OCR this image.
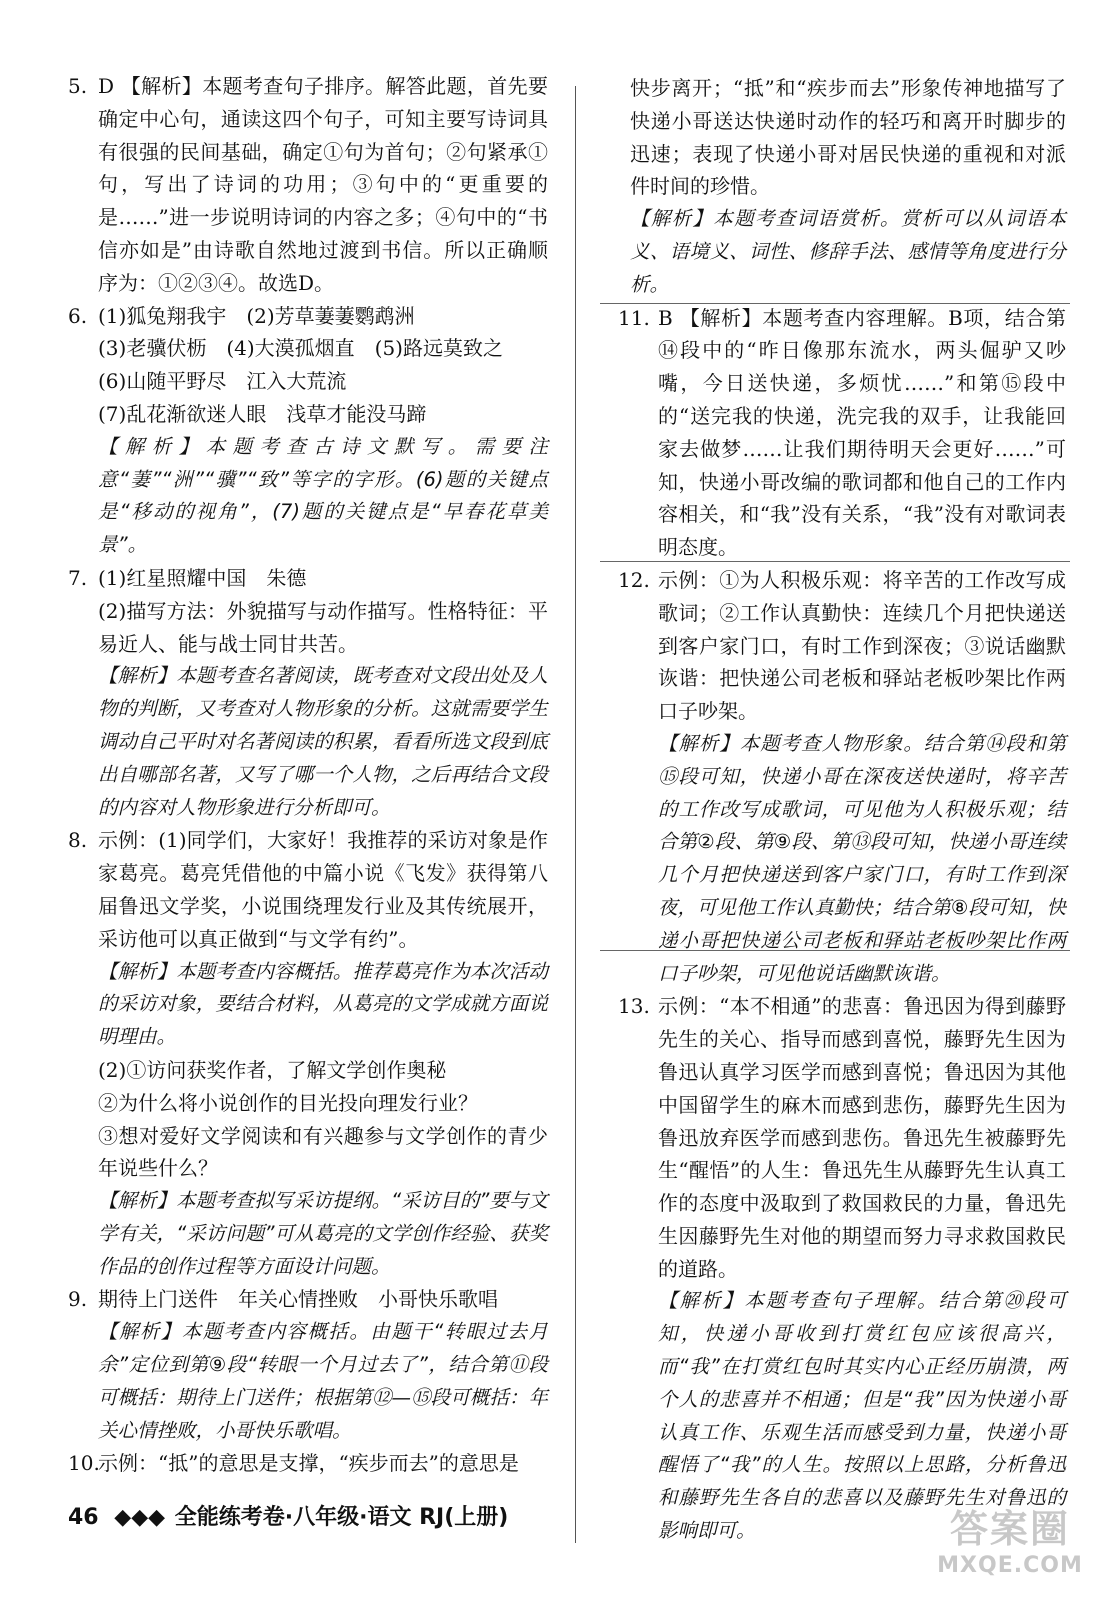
5. D 【解析】本题考查句子排序。解答此题，首先要确定中心句，通读这四个句子，可知主要写诗词具有很强的民间基础，确定①句为首句；②句紧承①句，写出了诗词的功用；③句中的“更重要的是……”进一步说明诗词的内容之多；④句中的“书信亦如是”由诗歌自然地过渡到书信。所以正确顺序为：①②③④。故选D。
6. (1)狐兔翔我宇　(2)芳草萋萋鹦鹉洲
(3)老骥伏枥　(4)大漠孤烟直　(5)路远莫致之
(6)山随平野尽　江入大荒流
(7)乱花渐欲迷人眼　浅草才能没马蹄
【解析】本题考查古诗文默写。需要注意“萋”“洲”“骥”“致”等字的字形。(6)题的关键点是“移动的视角”，(7)题的关键点是“早春花草美景”。
7. (1)红星照耀中国　朱德
(2)描写方法：外貌描写与动作描写。性格特征：平易近人、能与战士同甘共苦。
【解析】本题考查名著阅读，既考查对文段出处及人物的判断，又考查对人物形象的分析。这就需要学生调动自己平时对名著阅读的积累，看看所选文段到底出自哪部名著，又写了哪一个人物，之后再结合文段的内容对人物形象进行分析即可。
8. 示例：(1)同学们，大家好！我推荐的采访对象是作家葛亮。葛亮凭借他的中篇小说《飞发》获得第八届鲁迅文学奖，小说围绕理发行业及其传统展开，采访他可以真正做到“与文学有约”。
【解析】本题考查内容概括。推荐葛亮作为本次活动的采访对象，要结合材料，从葛亮的文学成就方面说明理由。
(2)①访问获奖作者，了解文学创作奥秘
②为什么将小说创作的目光投向理发行业？
③想对爱好文学阅读和有兴趣参与文学创作的青少年说些什么？
【解析】本题考查拟写采访提纲。“采访目的”要与文学有关，“采访问题”可从葛亮的文学创作经验、获奖作品的创作过程等方面设计问题。
9. 期待上门送件　年关心情挫败　小哥快乐歌唱
【解析】本题考查内容概括。由题干“转眼过去月余”定位到第⑨段“转眼一个月过去了”，结合第⑪段可概括：期待上门送件；根据第⑫—⑮段可概括：年关心情挫败，小哥快乐歌唱。
10.
示例：“抵”的意思是支撑，“疾步而去”的意思是
快步离开；“抵”和“疾步而去”形象传神地描写了快递小哥送达快递时动作的轻巧和离开时脚步的迅速；表现了快递小哥对居民快递的重视和对派件时间的珍惜。
【解析】本题考查词语赏析。赏析可以从词语本义、语境义、词性、修辞手法、感情等角度进行分析。
11. B 【解析】本题考查内容理解。B项，结合第⑭段中的“昨日像那东流水，两头倔驴又吵嘴，今日送快递，多烦忧……”和第⑮段中的“送完我的快递，洗完我的双手，让我能回家去做梦……让我们期待明天会更好……”可知，快递小哥改编的歌词都和他自己的工作内容相关，和“我”没有关系，“我”没有对歌词表明态度。
12. 示例：①为人积极乐观：将辛苦的工作改写成歌词；②工作认真勤快：连续几个月把快递送到客户家门口，有时工作到深夜；③说话幽默诙谐：把快递公司老板和驿站老板吵架比作两口子吵架。
【解析】本题考查人物形象。结合第⑭段和第⑮段可知，快递小哥在深夜送快递时，将辛苦的工作改写成歌词，可见他为人积极乐观；结合第②段、第⑨段、第⑬段可知，快递小哥连续几个月把快递送到客户家门口，有时工作到深夜，可见他工作认真勤快；结合第⑧段可知，快递小哥把快递公司老板和驿站老板吵架比作两口子吵架，可见他说话幽默诙谐。
13. 示例：“本不相通”的悲喜：鲁迅因为得到藤野先生的关心、指导而感到喜悦，藤野先生因为鲁迅认真学习医学而感到喜悦；鲁迅因为其他中国留学生的麻木而感到悲伤，藤野先生因为鲁迅放弃医学而感到悲伤。鲁迅先生被藤野先生“醒悟”的人生：鲁迅先生从藤野先生认真工作的态度中汲取到了救国救民的力量，鲁迅先生因藤野先生对他的期望而努力寻求救国救民的道路。
【解析】本题考查句子理解。结合第⑳段可知，快递小哥收到打赏红包应该很高兴，而“我”在打赏红包时其实内心正经历崩溃，两个人的悲喜并不相通；但是“我”因为快递小哥认真工作、乐观生活而感受到力量，快递小哥醒悟了“我”的人生。按照以上思路，分析鲁迅和藤野先生各自的悲喜以及藤野先生对鲁迅的影响即可。
46 ◆◆◆ 全能练考卷·八年级·语文 RJ(上册)	答案圈
MXQE.COM
